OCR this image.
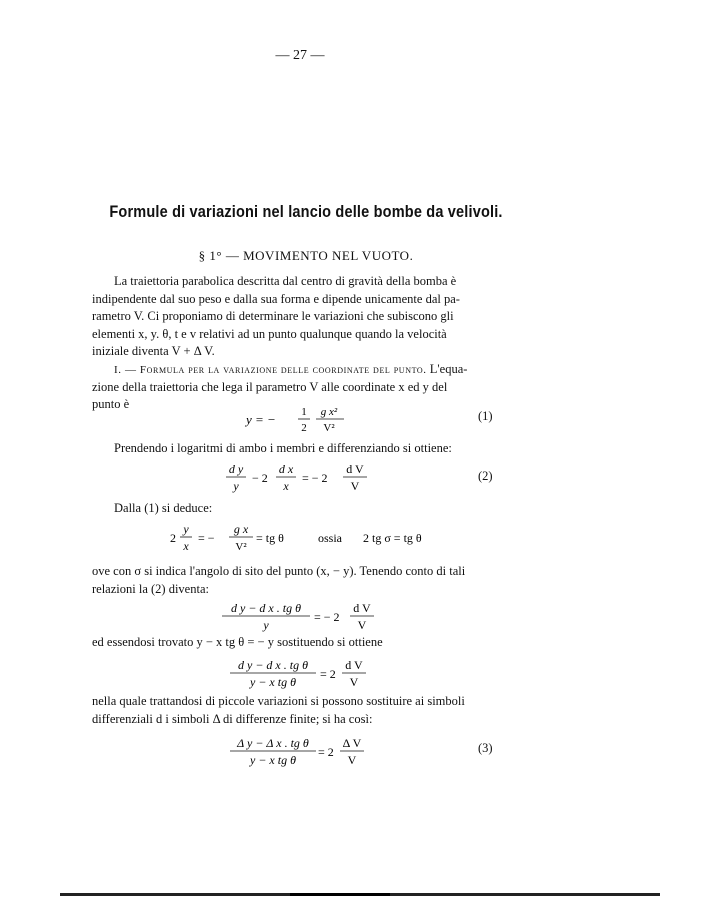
— 27 —
Formule di variazioni nel lancio delle bombe da velivoli.
§ 1° — MOVIMENTO NEL VUOTO.
La traiettoria parabolica descritta dal centro di gravità della bomba è
indipendente dal suo peso e dalla sua forma e dipende unicamente dal pa-
rametro V. Ci proponiamo di determinare le variazioni che subiscono gli
elementi x, y. θ, t e v relativi ad un punto qualunque quando la velocità
iniziale diventa V + Δ V.
I. — Formula per la variazione delle coordinate del punto. L'equa-
zione della traiettoria che lega il parametro V alle coordinate x ed y del
punto è
y = − 1
2
g x²
V²
(1)
Prendendo i logaritmi di ambo i membri e differenziando si ottiene:
d y
y
− 2
d x
x
= − 2
d V
V
(2)
Dalla (1) si deduce:
2
y
x
= −
g x
V²
= tg θ	ossia 2 tg σ = tg θ
ove con σ si indica l'angolo di sito del punto (x, − y). Tenendo conto di tali
relazioni la (2) diventa:
d y − d x . tg θ
y
= − 2
d V
V
ed essendosi trovato y − x tg θ = − y sostituendo si ottiene
d y − d x . tg θ
y − x tg θ
= 2
d V
V
nella quale trattandosi di piccole variazioni si possono sostituire ai simboli
differenziali d i simboli Δ di differenze finite; si ha così:
Δ y − Δ x . tg θ
y − x tg θ
= 2
Δ V
V
(3)
